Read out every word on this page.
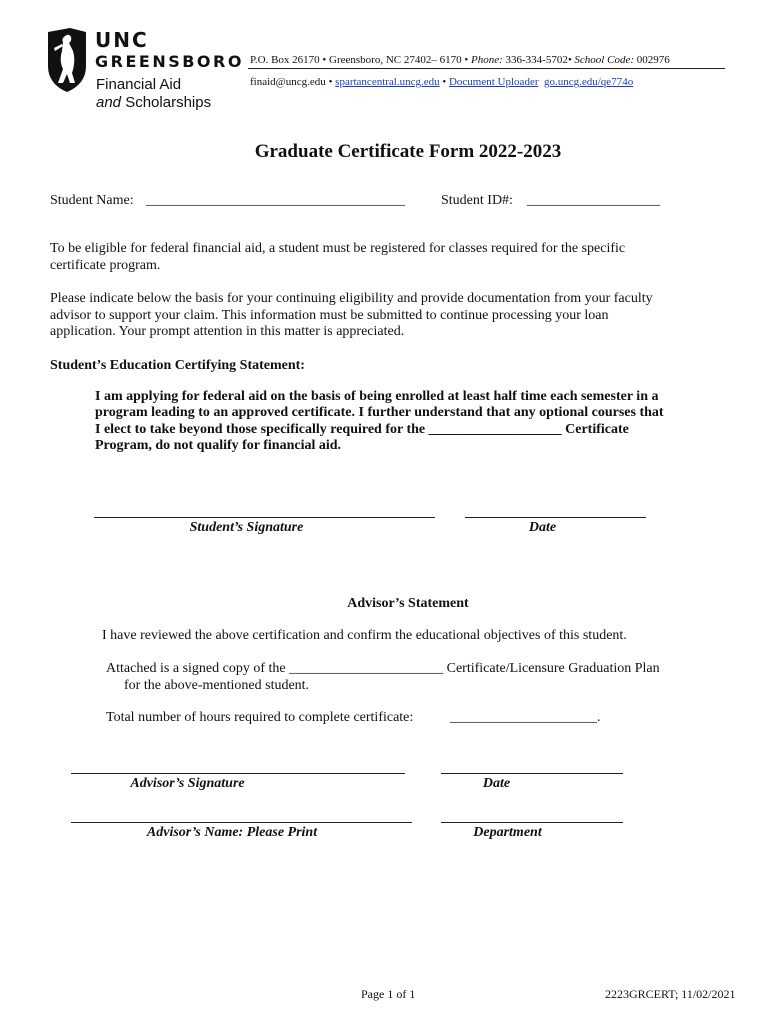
UNC
GREENSBORO
Financial Aid
and Scholarships
P.O. Box 26170 • Greensboro, NC 27402– 6170 • Phone: 336-334-5702• School Code: 002976
finaid@uncg.edu • spartancentral.uncg.edu • Document Uploader go.uncg.edu/qe774o
Graduate Certificate Form 2022-2023
Student Name: _____________________________________	Student ID#: ___________________
To be eligible for federal financial aid, a student must be registered for classes required for the specific
certificate program.
Please indicate below the basis for your continuing eligibility and provide documentation from your faculty
advisor to support your claim. This information must be submitted to continue processing your loan
application. Your prompt attention in this matter is appreciated.
Student’s Education Certifying Statement:
I am applying for federal aid on the basis of being enrolled at least half time each semester in a
program leading to an approved certificate. I further understand that any optional courses that
I elect to take beyond those specifically required for the ___________________ Certificate
Program, do not qualify for financial aid.
Student’s Signature	Date
Advisor’s Statement
I have reviewed the above certification and confirm the educational objectives of this student.
Attached is a signed copy of the ______________________ Certificate/Licensure Graduation Plan
for the above-mentioned student.
Total number of hours required to complete certificate:	_____________________.
Advisor’s Signature	Date
Advisor’s Name: Please Print	Department
Page 1 of 1	2223GRCERT; 11/02/2021
